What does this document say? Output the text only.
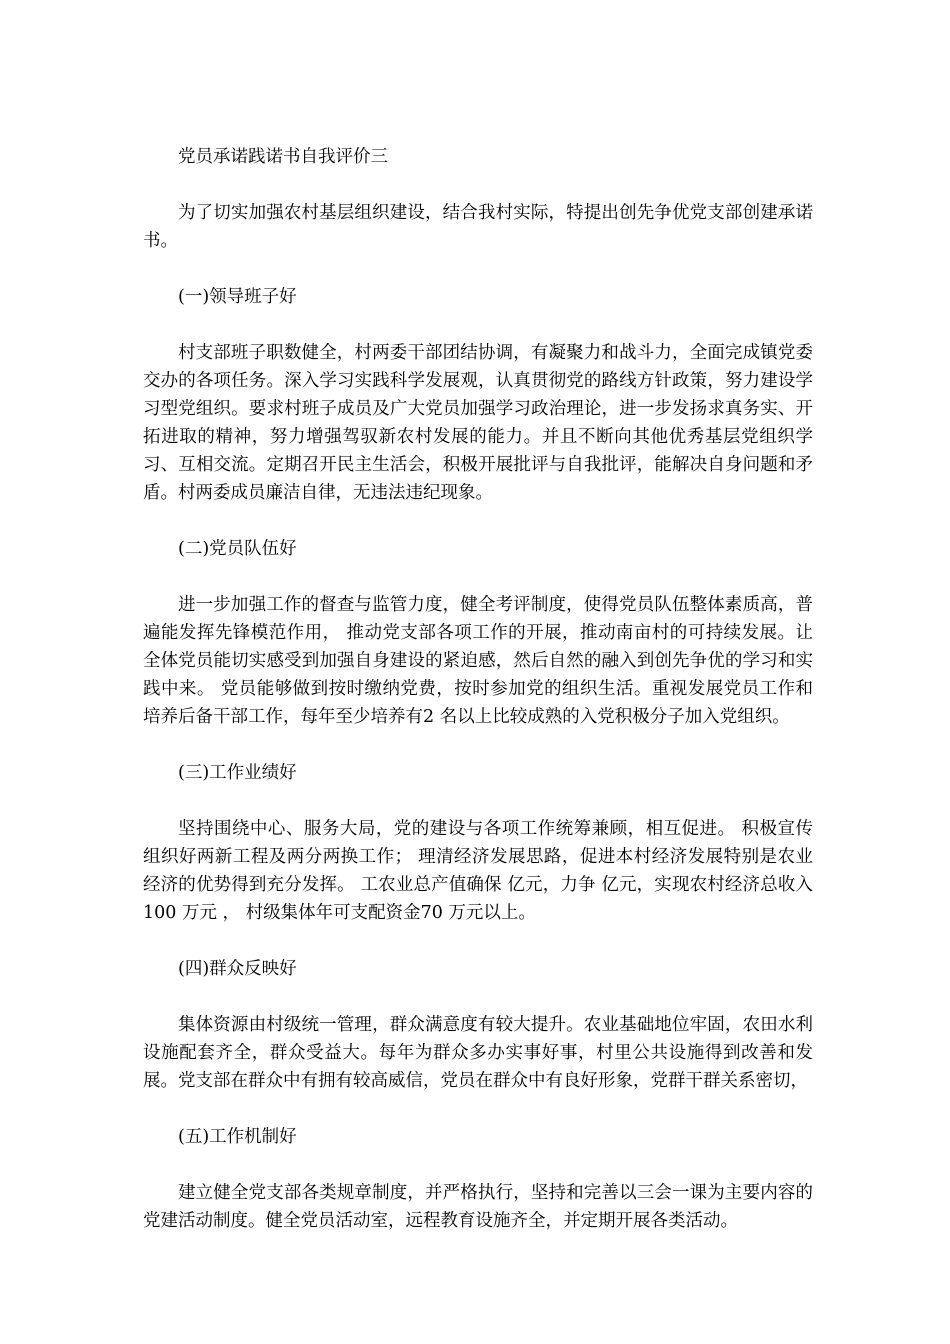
党员承诺践诺书自我评价三

为了切实加强农村基层组织建设，结合我村实际，特提出创先争优党支部创建承诺书。

(一)领导班子好

村支部班子职数健全，村两委干部团结协调，有凝聚力和战斗力，全面完成镇党委交办的各项任务。深入学习实践科学发展观，认真贯彻党的路线方针政策，努力建设学习型党组织。要求村班子成员及广大党员加强学习政治理论，进一步发扬求真务实、开拓进取的精神，努力增强驾驭新农村发展的能力。并且不断向其他优秀基层党组织学习、互相交流。定期召开民主生活会，积极开展批评与自我批评，能解决自身问题和矛盾。村两委成员廉洁自律，无违法违纪现象。

(二)党员队伍好

进一步加强工作的督查与监管力度，健全考评制度，使得党员队伍整体素质高，普遍能发挥先锋模范作用， 推动党支部各项工作的开展，推动南亩村的可持续发展。让全体党员能切实感受到加强自身建设的紧迫感，然后自然的融入到创先争优的学习和实践中来。 党员能够做到按时缴纳党费，按时参加党的组织生活。重视发展党员工作和培养后备干部工作，每年至少培养有2 名以上比较成熟的入党积极分子加入党组织。

(三)工作业绩好

坚持围绕中心、服务大局，党的建设与各项工作统筹兼顾，相互促进。 积极宣传组织好两新工程及两分两换工作； 理清经济发展思路，促进本村经济发展特别是农业经济的优势得到充分发挥。 工农业总产值确保 亿元，力争 亿元，实现农村经济总收入 100 万元 ， 村级集体年可支配资金70 万元以上。

(四)群众反映好

集体资源由村级统一管理，群众满意度有较大提升。农业基础地位牢固，农田水利设施配套齐全，群众受益大。每年为群众多办实事好事，村里公共设施得到改善和发展。党支部在群众中有拥有较高威信，党员在群众中有良好形象，党群干群关系密切，

(五)工作机制好

建立健全党支部各类规章制度，并严格执行，坚持和完善以三会一课为主要内容的党建活动制度。健全党员活动室，远程教育设施齐全，并定期开展各类活动。
